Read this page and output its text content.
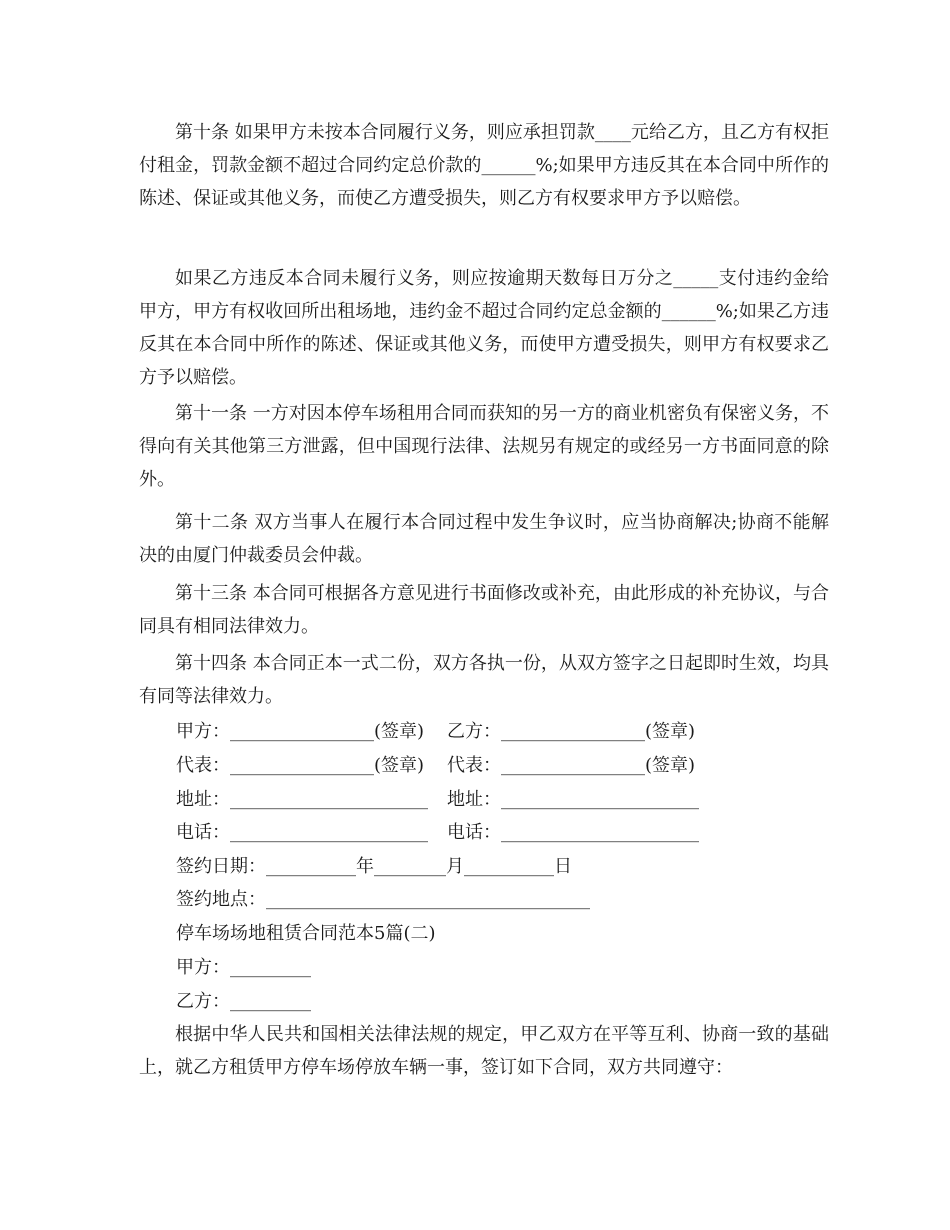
第十条 如果甲方未按本合同履行义务，则应承担罚款____元给乙方，且乙方有权拒付租金，罚款金额不超过合同约定总价款的______%;如果甲方违反其在本合同中所作的陈述、保证或其他义务，而使乙方遭受损失，则乙方有权要求甲方予以赔偿。

如果乙方违反本合同未履行义务，则应按逾期天数每日万分之_____支付违约金给甲方，甲方有权收回所出租场地，违约金不超过合同约定总金额的______%;如果乙方违反其在本合同中所作的陈述、保证或其他义务，而使甲方遭受损失，则甲方有权要求乙方予以赔偿。

第十一条 一方对因本停车场租用合同而获知的另一方的商业机密负有保密义务，不得向有关其他第三方泄露，但中国现行法律、法规另有规定的或经另一方书面同意的除外。

第十二条 双方当事人在履行本合同过程中发生争议时，应当协商解决;协商不能解决的由厦门仲裁委员会仲裁。

第十三条 本合同可根据各方意见进行书面修改或补充，由此形成的补充协议，与合同具有相同法律效力。

第十四条 本合同正本一式二份，双方各执一份，从双方签字之日起即时生效，均具有同等法律效力。

甲方：________________(签章) 乙方：________________(签章)
代表：________________(签章) 代表：________________(签章)
地址：______________________ 地址：______________________
电话：______________________ 电话：______________________
签约日期：__________年________月__________日
签约地点：____________________________________
停车场场地租赁合同范本5篇(二)
甲方：_________
乙方：_________

根据中华人民共和国相关法律法规的规定，甲乙双方在平等互利、协商一致的基础上，就乙方租赁甲方停车场停放车辆一事，签订如下合同，双方共同遵守：
